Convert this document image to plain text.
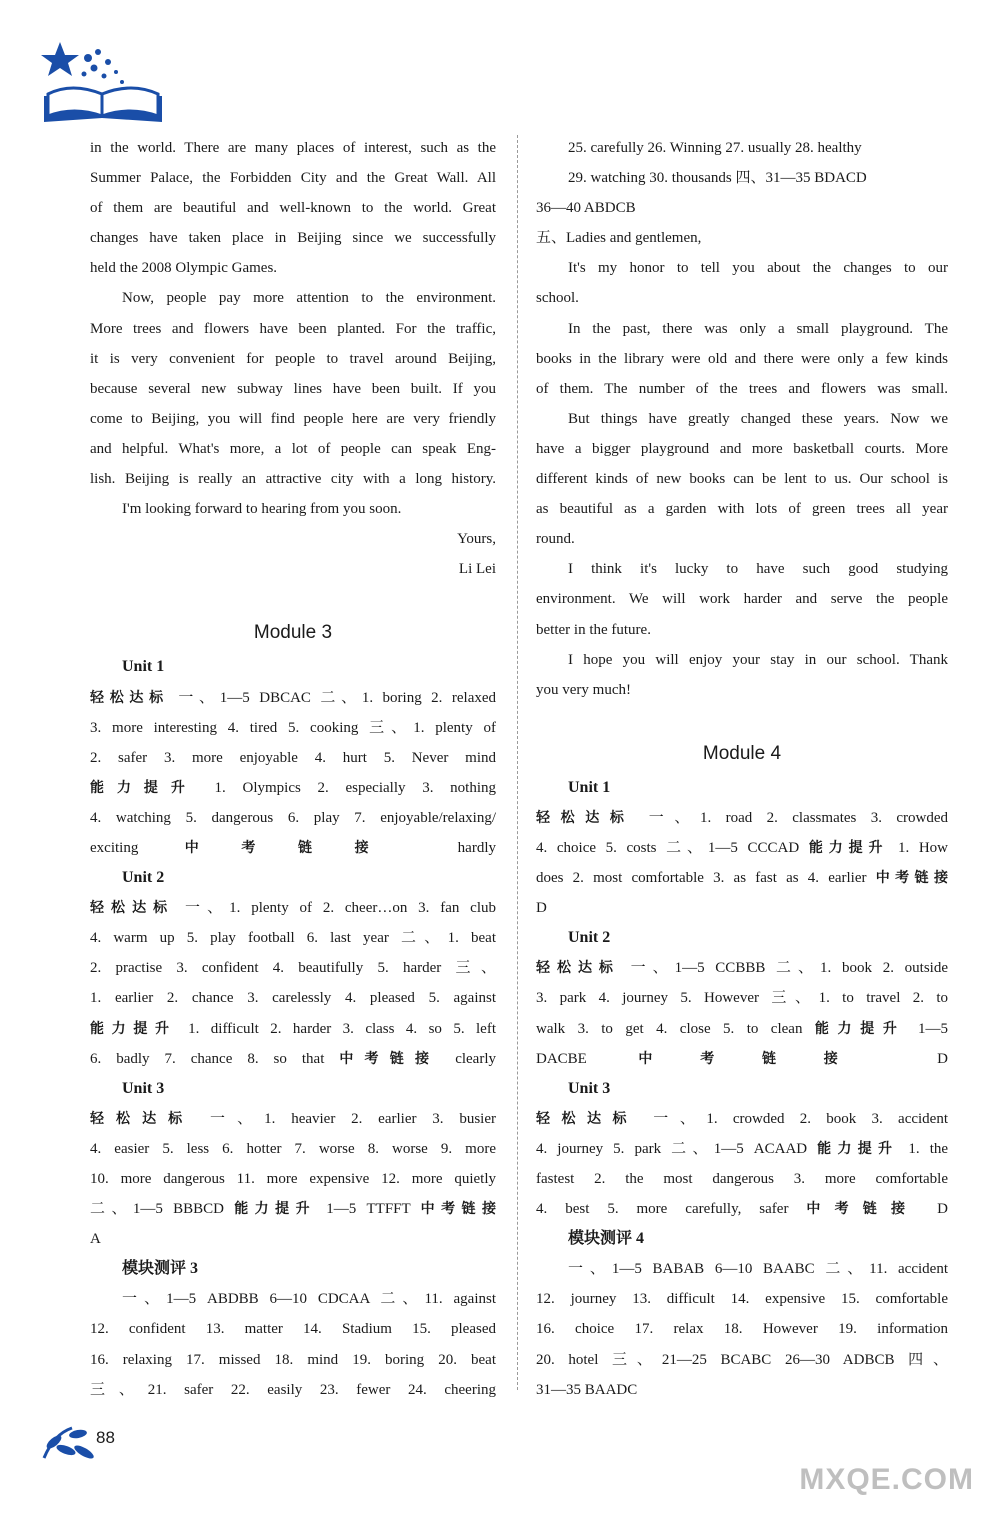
in the world. There are many places of interest, such as the
Summer Palace, the Forbidden City and the Great Wall. All
of them are beautiful and well-known to the world. Great
changes have taken place in Beijing since we successfully
held the 2008 Olympic Games.
Now, people pay more attention to the environment.
More trees and flowers have been planted. For the traffic,
it is very convenient for people to travel around Beijing,
because several new subway lines have been built. If you
come to Beijing, you will find people here are very friendly
and helpful. What's more, a lot of people can speak Eng-
lish. Beijing is really an attractive city with a long history.
I'm looking forward to hearing from you soon.
Yours,
Li Lei
Module 3
Unit 1
轻松达标 一、1—5 DBCAC 二、1. boring 2. relaxed
3. more interesting 4. tired 5. cooking 三、1. plenty of
2. safer 3. more enjoyable 4. hurt 5. Never mind
能力提升 1. Olympics 2. especially 3. nothing
4. watching 5. dangerous 6. play 7. enjoyable/relaxing/
exciting 中考链接 hardly
Unit 2
轻松达标 一、1. plenty of 2. cheer…on 3. fan club
4. warm up 5. play football 6. last year 二、1. beat
2. practise 3. confident 4. beautifully 5. harder 三、
1. earlier 2. chance 3. carelessly 4. pleased 5. against
能力提升 1. difficult 2. harder 3. class 4. so 5. left
6. badly 7. chance 8. so that 中考链接 clearly
Unit 3
轻松达标 一、1. heavier 2. earlier 3. busier
4. easier 5. less 6. hotter 7. worse 8. worse 9. more
10. more dangerous 11. more expensive 12. more quietly
二、1—5 BBBCD 能力提升 1—5 TTFFT 中考链接
A
模块测评 3
一、1—5 ABDBB 6—10 CDCAA 二、11. against
12. confident 13. matter 14. Stadium 15. pleased
16. relaxing 17. missed 18. mind 19. boring 20. beat
三、21. safer 22. easily 23. fewer 24. cheering
25. carefully 26. Winning 27. usually 28. healthy
29. watching 30. thousands 四、31—35 BDACD
36—40 ABDCB
五、Ladies and gentlemen,
It's my honor to tell you about the changes to our
school.
In the past, there was only a small playground. The
books in the library were old and there were only a few kinds
of them. The number of the trees and flowers was small.
But things have greatly changed these years. Now we
have a bigger playground and more basketball courts. More
different kinds of new books can be lent to us. Our school is
as beautiful as a garden with lots of green trees all year
round.
I think it's lucky to have such good studying
environment. We will work harder and serve the people
better in the future.
I hope you will enjoy your stay in our school. Thank
you very much!
Module 4
Unit 1
轻松达标 一、1. road 2. classmates 3. crowded
4. choice 5. costs 二、1—5 CCCAD 能力提升 1. How
does 2. most comfortable 3. as fast as 4. earlier 中考链接
D
Unit 2
轻松达标 一、1—5 CCBBB 二、1. book 2. outside
3. park 4. journey 5. However 三、1. to travel 2. to
walk 3. to get 4. close 5. to clean 能力提升 1—5
DACBE 中考链接 D
Unit 3
轻松达标 一、1. crowded 2. book 3. accident
4. journey 5. park 二、1—5 ACAAD 能力提升 1. the
fastest 2. the most dangerous 3. more comfortable
4. best 5. more carefully, safer 中考链接 D
模块测评 4
一、1—5 BABAB 6—10 BAABC 二、11. accident
12. journey 13. difficult 14. expensive 15. comfortable
16. choice 17. relax 18. However 19. information
20. hotel 三、21—25 BCABC 26—30 ADBCB 四、
31—35 BAADC
88
MXQE.COM
